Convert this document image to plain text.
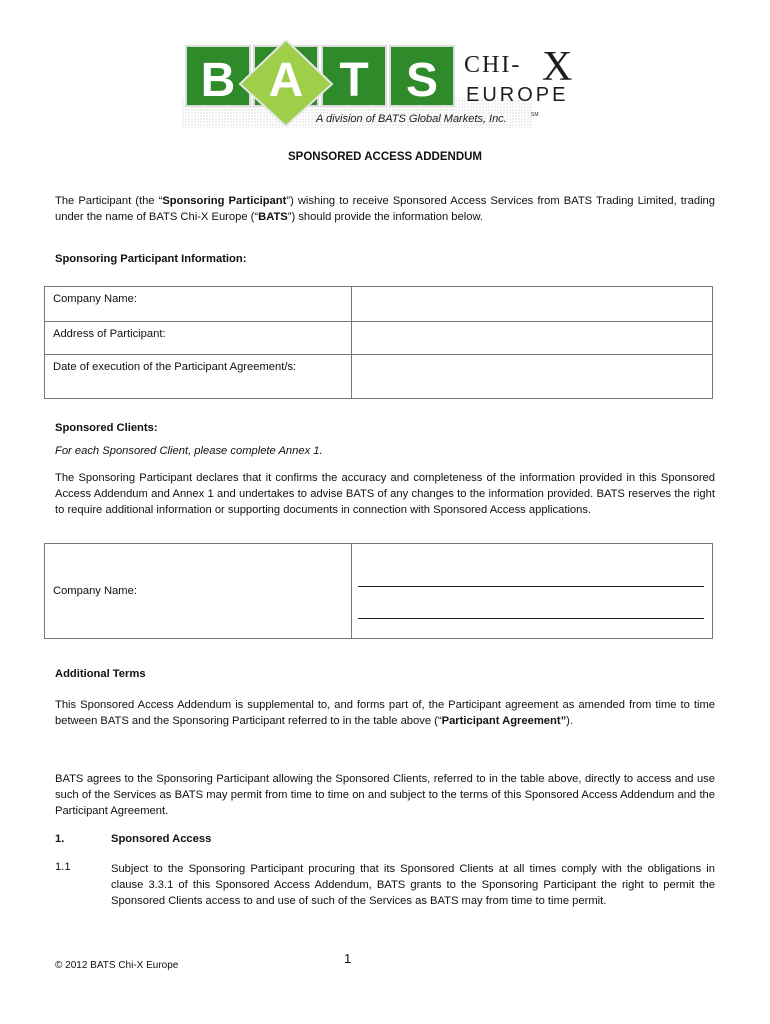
B A T S CHI- X
EUROPE
A division of BATS Global Markets, Inc.	SM
SPONSORED ACCESS ADDENDUM
The Participant (the “Sponsoring Participant”) wishing to receive Sponsored Access Services from BATS Trading Limited, trading under the name of BATS Chi-X Europe (“BATS”) should provide the information below.
Sponsoring Participant Information:
Company Name:	
Address of Participant:	
Date of execution of the Participant Agreement/s:	
Sponsored Clients:
For each Sponsored Client, please complete Annex 1.
The Sponsoring Participant declares that it confirms the accuracy and completeness of the information provided in this Sponsored Access Addendum and Annex 1 and undertakes to advise BATS of any changes to the information provided. BATS reserves the right to require additional information or supporting documents in connection with Sponsored Access applications.
Company Name:	
Additional Terms
This Sponsored Access Addendum is supplemental to, and forms part of, the Participant agreement as amended from time to time between BATS and the Sponsoring Participant referred to in the table above (“Participant Agreement”).
BATS agrees to the Sponsoring Participant allowing the Sponsored Clients, referred to in the table above, directly to access and use such of the Services as BATS may permit from time to time on and subject to the terms of this Sponsored Access Addendum and the Participant Agreement.
1.	Sponsored Access
1.1	Subject to the Sponsoring Participant procuring that its Sponsored Clients at all times comply with the obligations in clause 3.3.1 of this Sponsored Access Addendum, BATS grants to the Sponsoring Participant the right to permit the Sponsored Clients access to and use of such of the Services as BATS may from time to time permit.
1
© 2012 BATS Chi-X Europe
